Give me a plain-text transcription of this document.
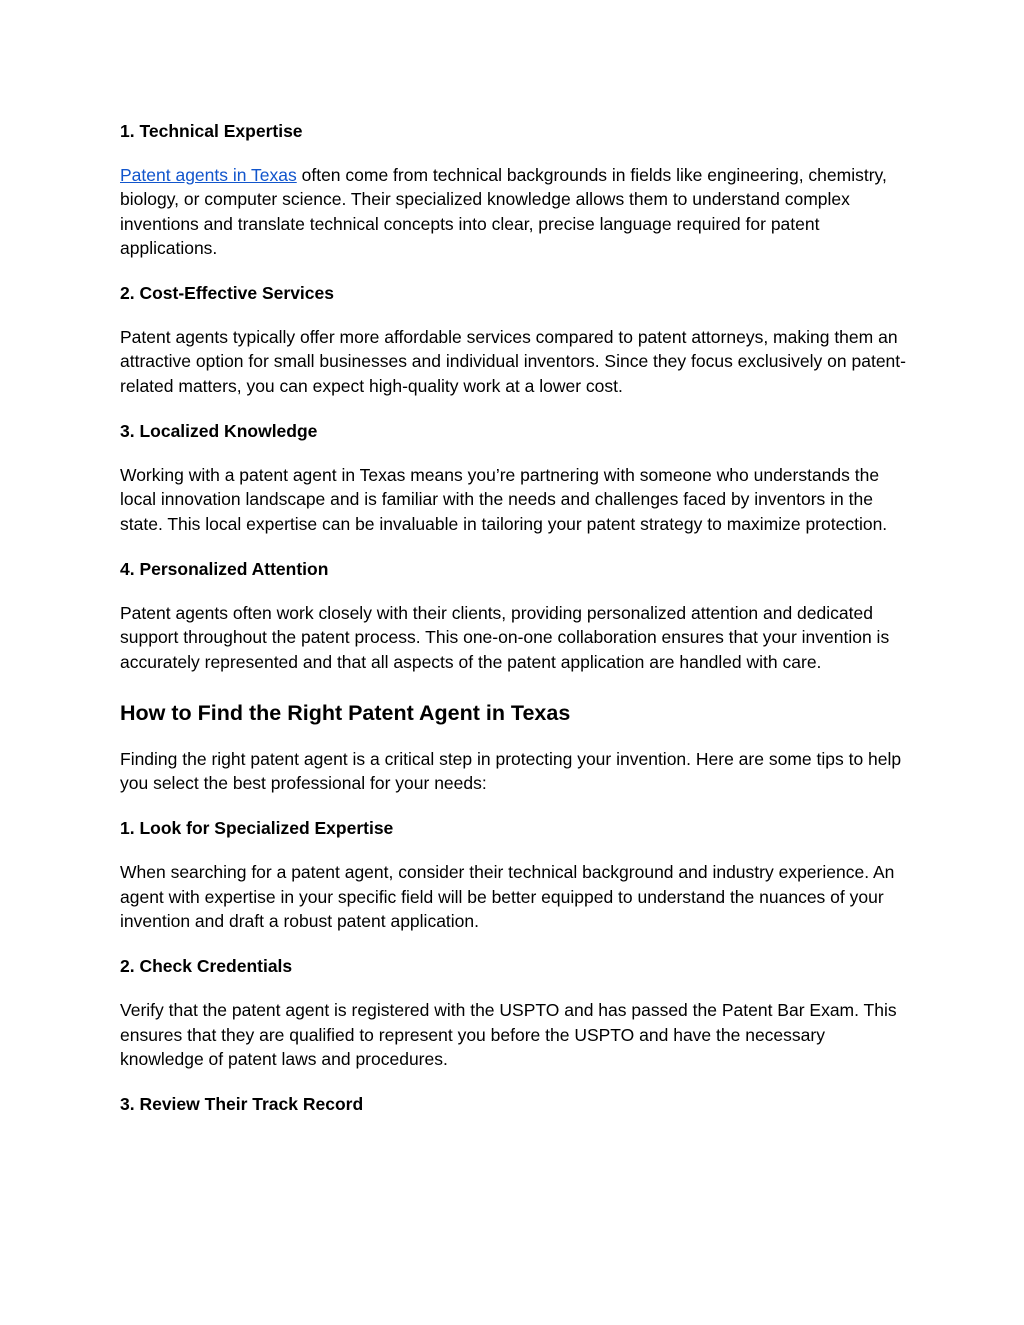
1. Technical Expertise

Patent agents in Texas often come from technical backgrounds in fields like engineering, chemistry, biology, or computer science. Their specialized knowledge allows them to understand complex inventions and translate technical concepts into clear, precise language required for patent applications.

2. Cost-Effective Services

Patent agents typically offer more affordable services compared to patent attorneys, making them an attractive option for small businesses and individual inventors. Since they focus exclusively on patent-related matters, you can expect high-quality work at a lower cost.

3. Localized Knowledge

Working with a patent agent in Texas means you’re partnering with someone who understands the local innovation landscape and is familiar with the needs and challenges faced by inventors in the state. This local expertise can be invaluable in tailoring your patent strategy to maximize protection.

4. Personalized Attention

Patent agents often work closely with their clients, providing personalized attention and dedicated support throughout the patent process. This one-on-one collaboration ensures that your invention is accurately represented and that all aspects of the patent application are handled with care.

How to Find the Right Patent Agent in Texas

Finding the right patent agent is a critical step in protecting your invention. Here are some tips to help you select the best professional for your needs:

1. Look for Specialized Expertise

When searching for a patent agent, consider their technical background and industry experience. An agent with expertise in your specific field will be better equipped to understand the nuances of your invention and draft a robust patent application.

2. Check Credentials

Verify that the patent agent is registered with the USPTO and has passed the Patent Bar Exam. This ensures that they are qualified to represent you before the USPTO and have the necessary knowledge of patent laws and procedures.

3. Review Their Track Record
